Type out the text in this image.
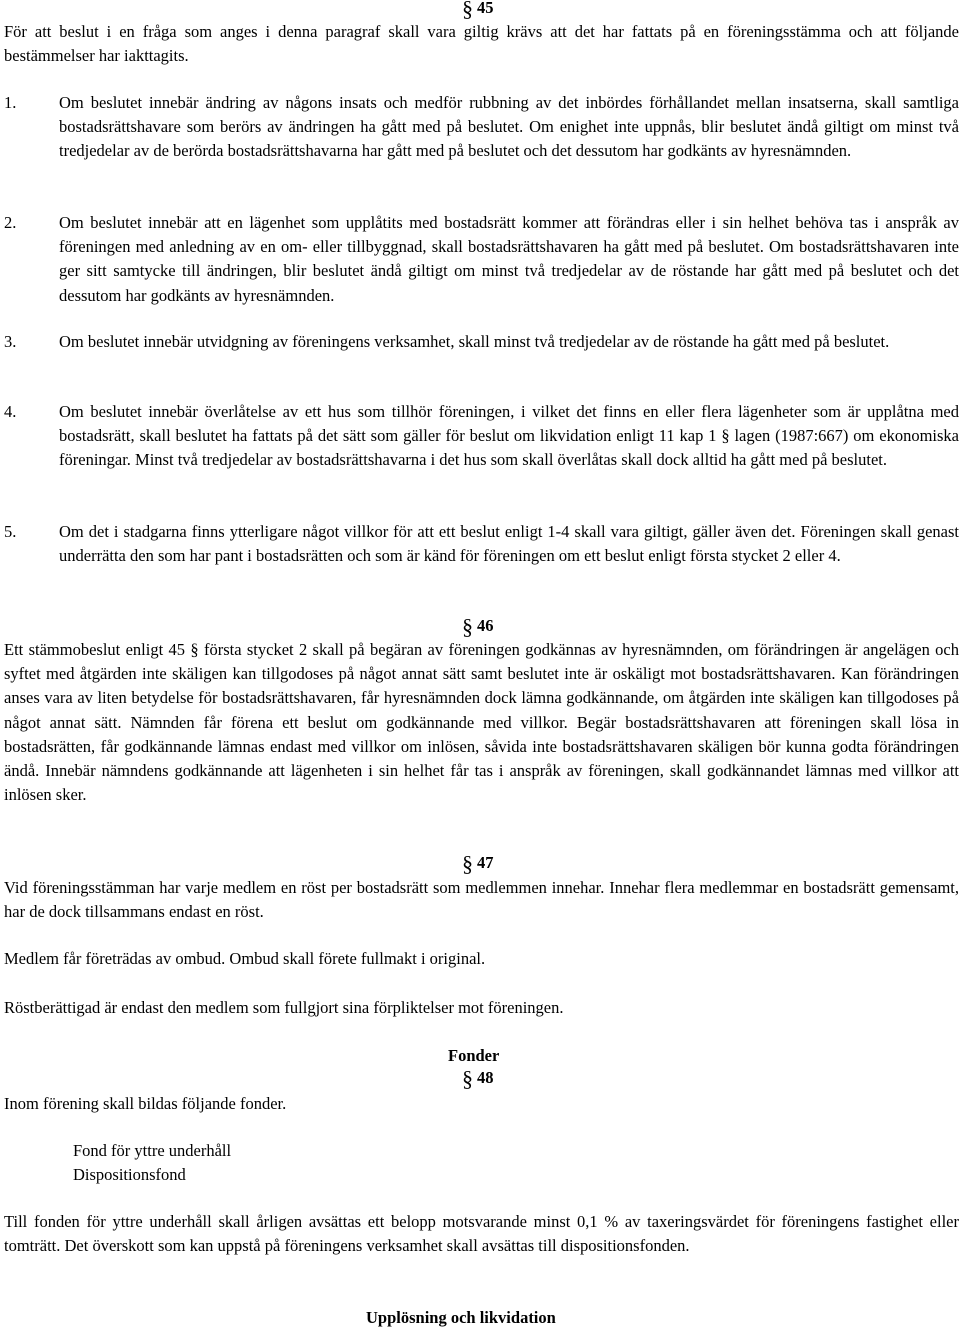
§ 45

För att beslut i en fråga som anges i denna paragraf skall vara giltig krävs att det har fattats på en föreningsstämma och att följande bestämmelser har iakttagits.

1.	Om beslutet innebär ändring av någons insats och medför rubbning av det inbördes förhållandet mellan insatserna, skall samtliga bostadsrättshavare som berörs av ändringen ha gått med på beslutet. Om enighet inte uppnås, blir beslutet ändå giltigt om minst två tredjedelar av de berörda bostadsrättshavarna har gått med på beslutet och det dessutom har godkänts av hyresnämnden.
2.	Om beslutet innebär att en lägenhet som upplåtits med bostadsrätt kommer att förändras eller i sin helhet behöva tas i anspråk av föreningen med anledning av en om- eller tillbyggnad, skall bostadsrättshavaren ha gått med på beslutet. Om bostadsrättshavaren inte ger sitt samtycke till ändringen, blir beslutet ändå giltigt om minst två tredjedelar av de röstande har gått med på beslutet och det dessutom har godkänts av hyresnämnden.
3.	Om beslutet innebär utvidgning av föreningens verksamhet, skall minst två tredjedelar av de röstande ha gått med på beslutet.
4.	Om beslutet innebär överlåtelse av ett hus som tillhör föreningen, i vilket det finns en eller flera lägenheter som är upplåtna med bostadsrätt, skall beslutet ha fattats på det sätt som gäller för beslut om likvidation enligt 11 kap 1 § lagen (1987:667) om ekonomiska föreningar. Minst två tredjedelar av bostadsrättshavarna i det hus som skall överlåtas skall dock alltid ha gått med på beslutet.
5.	Om det i stadgarna finns ytterligare något villkor för att ett beslut enligt 1-4 skall vara giltigt, gäller även det. Föreningen skall genast underrätta den som har pant i bostadsrätten och som är känd för föreningen om ett beslut enligt första stycket 2 eller 4.
§ 46

Ett stämmobeslut enligt 45 § första stycket 2 skall på begäran av föreningen godkännas av hyresnämnden, om förändringen är angelägen och syftet med åtgärden inte skäligen kan tillgodoses på något annat sätt samt beslutet inte är oskäligt mot bostadsrättshavaren. Kan förändringen anses vara av liten betydelse för bostadsrättshavaren, får hyresnämnden dock lämna godkännande, om åtgärden inte skäligen kan tillgodoses på något annat sätt. Nämnden får förena ett beslut om godkännande med villkor. Begär bostadsrättshavaren att föreningen skall lösa in bostadsrätten, får godkännande lämnas endast med villkor om inlösen, såvida inte bostadsrättshavaren skäligen bör kunna godta förändringen ändå. Innebär nämndens godkännande att lägenheten i sin helhet får tas i anspråk av föreningen, skall godkännandet lämnas med villkor att inlösen sker.

§ 47

Vid föreningsstämman har varje medlem en röst per bostadsrätt som medlemmen innehar. Innehar flera medlemmar en bostadsrätt gemensamt, har de dock tillsammans endast en röst.

Medlem får företrädas av ombud. Ombud skall förete fullmakt i original.
Röstberättigad är endast den medlem som fullgjort sina förpliktelser mot föreningen.
Fonder
§ 48
Inom förening skall bildas följande fonder.
Fond för yttre underhåll
Dispositionsfond

Till fonden för yttre underhåll skall årligen avsättas ett belopp motsvarande minst 0,1 % av taxeringsvärdet för föreningens fastighet eller tomträtt. Det överskott som kan uppstå på föreningens verksamhet skall avsättas till dispositionsfonden.

Upplösning och likvidation
